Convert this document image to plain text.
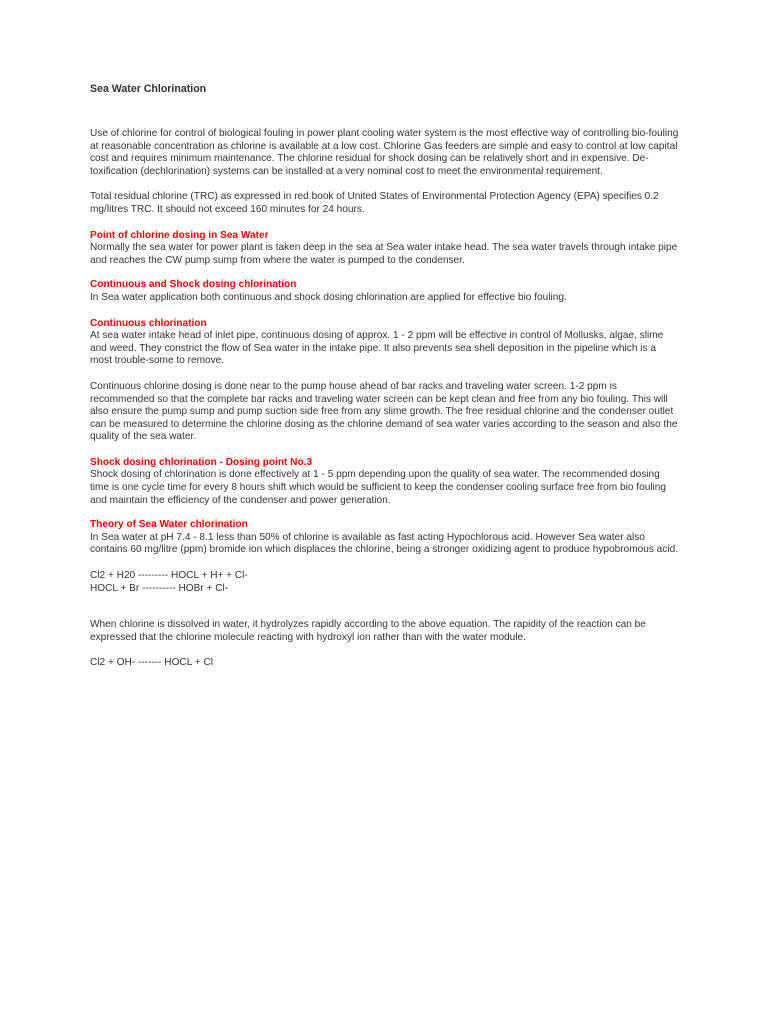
Sea Water Chlorination

Use of chlorine for control of biological fouling in power plant cooling water system is the most effective way of controlling bio-fouling at reasonable concentration as chlorine is available at a low cost. Chlorine Gas feeders are simple and easy to control at low capital cost and requires minimum maintenance. The chlorine residual for shock dosing can be relatively short and in expensive. De-toxification (dechlorination) systems can be installed at a very nominal cost to meet the environmental requirement.

Total residual chlorine (TRC) as expressed in red book of United States of Environmental Protection Agency (EPA) specifies 0.2 mg/litres TRC. It should not exceed 160 minutes for 24 hours.

Point of chlorine dosing in Sea Water

Normally the sea water for power plant is taken deep in the sea at Sea water intake head. The sea water travels through intake pipe and reaches the CW pump sump from where the water is pumped to the condenser.

Continuous and Shock dosing chlorination

In Sea water application both continuous and shock dosing chlorination are applied for effective bio fouling.

Continuous chlorination

At sea water intake head of inlet pipe, continuous dosing of approx. 1 - 2 ppm will be effective in control of Mollusks, algae, slime and weed. They constrict the flow of Sea water in the intake pipe. It also prevents sea shell deposition in the pipeline which is a most trouble-some to remove.

Continuous chlorine dosing is done near to the pump house ahead of bar racks and traveling water screen. 1-2 ppm is recommended so that the complete bar racks and traveling water screen can be kept clean and free from any bio fouling. This will also ensure the pump sump and pump suction side free from any slime growth. The free residual chlorine and the condenser outlet can be measured to determine the chlorine dosing as the chlorine demand of sea water varies according to the season and also the quality of the sea water.

Shock dosing chlorination - Dosing point No.3

Shock dosing of chlorination is done effectively at 1 - 5 ppm depending upon the quality of sea water. The recommended dosing time is one cycle time for every 8 hours shift which would be sufficient to keep the condenser cooling surface free from bio fouling and maintain the efficiency of the condenser and power generation.

Theory of Sea Water chlorination

In Sea water at pH 7.4 - 8.1 less than 50% of chlorine is available as fast acting Hypochlorous acid. However Sea water also contains 60 mg/litre (ppm) bromide ion which displaces the chlorine, being a stronger oxidizing agent to produce hypobromous acid.

Cl2 + H20 --------- HOCL + H+ + Cl-

HOCL + Br ---------- HOBr + Cl-

When chlorine is dissolved in water, it hydrolyzes rapidly according to the above equation. The rapidity of the reaction can be expressed that the chlorine molecule reacting with hydroxyl ion rather than with the water module.

Cl2 + OH- ------- HOCL + Cl
